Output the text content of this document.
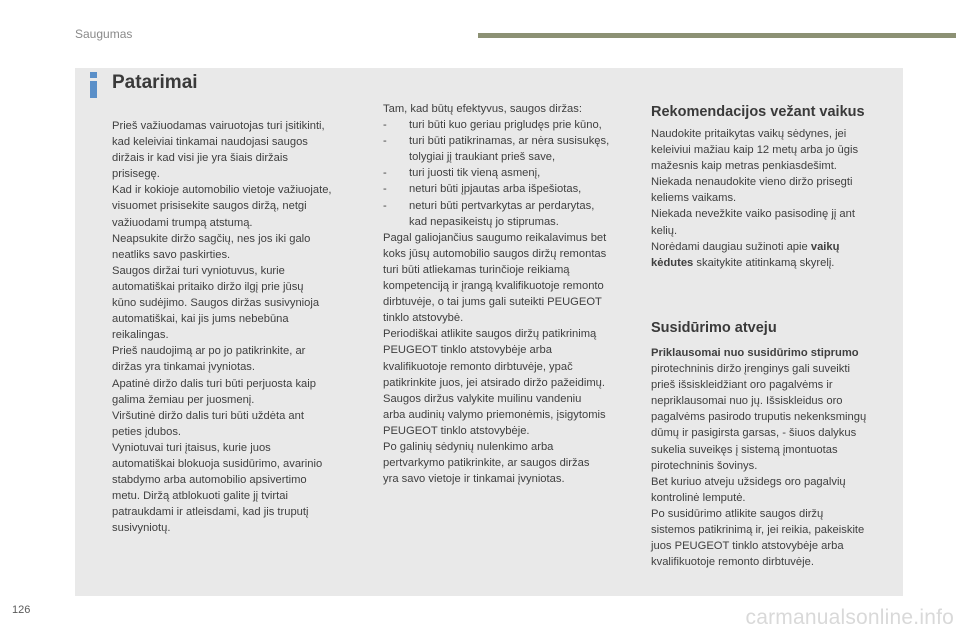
Saugumas
Patarimai

Prieš važiuodamas vairuotojas turi įsitikinti,

kad keleiviai tinkamai naudojasi saugos

diržais ir kad visi jie yra šiais diržais

prisisegę.

Kad ir kokioje automobilio vietoje važiuojate,

visuomet prisisekite saugos diržą, netgi

važiuodami trumpą atstumą.

Neapsukite diržo sagčių, nes jos iki galo

neatliks savo paskirties.

Saugos diržai turi vyniotuvus, kurie

automatiškai pritaiko diržo ilgį prie jūsų

kūno sudėjimo. Saugos diržas susivynioja

automatiškai, kai jis jums nebebūna

reikalingas.

Prieš naudojimą ar po jo patikrinkite, ar

diržas yra tinkamai įvyniotas.

Apatinė diržo dalis turi būti perjuosta kaip

galima žemiau per juosmenį.

Viršutinė diržo dalis turi būti uždėta ant

peties įdubos.

Vyniotuvai turi įtaisus, kurie juos

automatiškai blokuoja susidūrimo, avarinio

stabdymo arba automobilio apsivertimo

metu. Diržą atblokuoti galite jį tvirtai

patraukdami ir atleisdami, kad jis truputį

susivyniotų.

Tam, kad būtų efektyvus, saugos diržas:

- turi būti kuo geriau prigludęs prie kūno,

- turi būti patikrinamas, ar nėra susisukęs,

tolygiai jį traukiant prieš save,

- turi juosti tik vieną asmenį,

- neturi būti įpjautas arba išpešiotas,

- neturi būti pertvarkytas ar perdarytas,

kad nepasikeistų jo stiprumas.

Pagal galiojančius saugumo reikalavimus bet

koks jūsų automobilio saugos diržų remontas

turi būti atliekamas turinčioje reikiamą

kompetenciją ir įrangą kvalifikuotoje remonto

dirbtuvėje, o tai jums gali suteikti PEUGEOT

tinklo atstovybė.

Periodiškai atlikite saugos diržų patikrinimą

PEUGEOT tinklo atstovybėje arba

kvalifikuotoje remonto dirbtuvėje, ypač

patikrinkite juos, jei atsirado diržo pažeidimų.

Saugos diržus valykite muilinu vandeniu

arba audinių valymo priemonėmis, įsigytomis

PEUGEOT tinklo atstovybėje.

Po galinių sėdynių nulenkimo arba

pertvarkymo patikrinkite, ar saugos diržas

yra savo vietoje ir tinkamai įvyniotas.

Rekomendacijos vežant vaikus

Naudokite pritaikytas vaikų sėdynes, jei

keleiviui mažiau kaip 12 metų arba jo ūgis

mažesnis kaip metras penkiasdešimt.

Niekada nenaudokite vieno diržo prisegti

keliems vaikams.

Niekada nevežkite vaiko pasisodinę jį ant

kelių.

Norėdami daugiau sužinoti apie vaikų

kėdutes skaitykite atitinkamą skyrelį.

Susidūrimo atveju

Priklausomai nuo susidūrimo stiprumo

pirotechninis diržo įrenginys gali suveikti

prieš išsiskleidžiant oro pagalvėms ir

nepriklausomai nuo jų. Išsiskleidus oro

pagalvėms pasirodo truputis nekenksmingų

dūmų ir pasigirsta garsas, - šiuos dalykus

sukelia suveikęs į sistemą įmontuotas

pirotechninis šovinys.

Bet kuriuo atveju užsidegs oro pagalvių

kontrolinė lemputė.

Po susidūrimo atlikite saugos diržų

sistemos patikrinimą ir, jei reikia, pakeiskite

juos PEUGEOT tinklo atstovybėje arba

kvalifikuotoje remonto dirbtuvėje.

126	carmanualsonline.info
